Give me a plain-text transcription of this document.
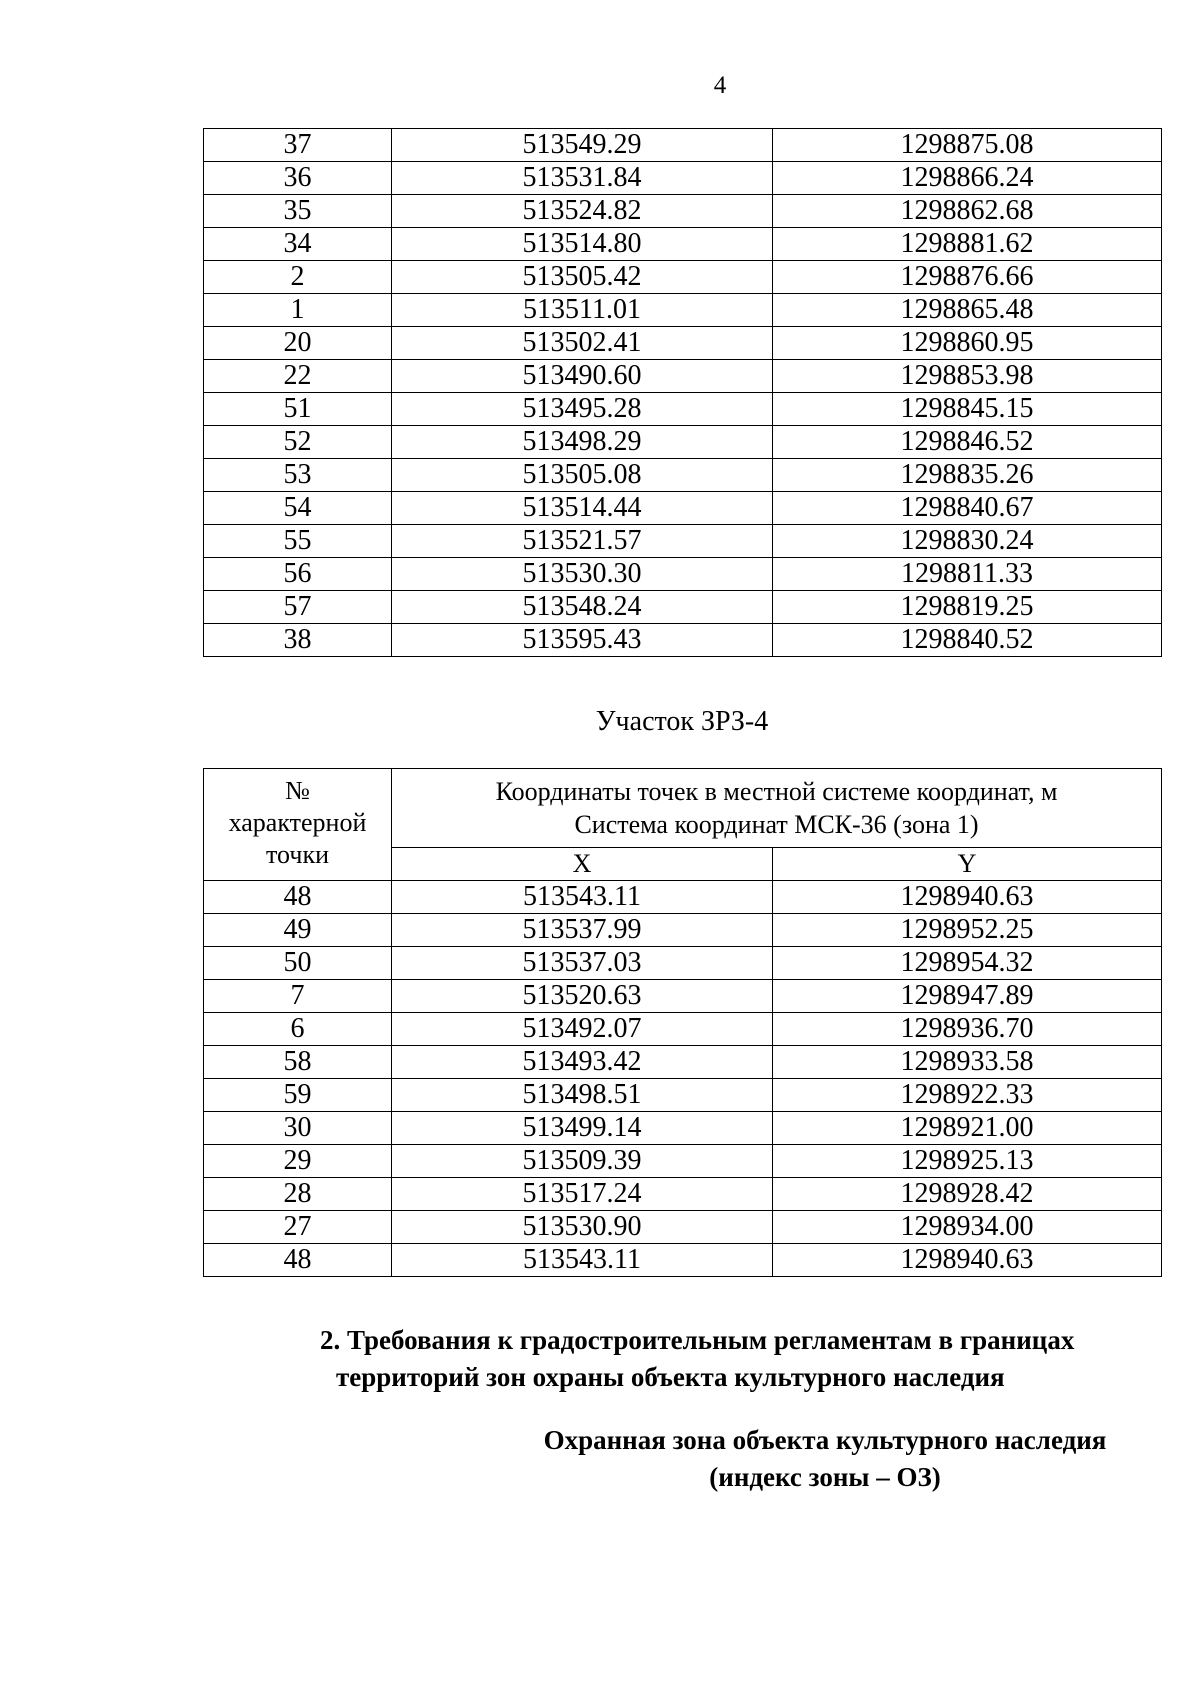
4
37	513549.29	1298875.08
36	513531.84	1298866.24
35	513524.82	1298862.68
34	513514.80	1298881.62
2	513505.42	1298876.66
1	513511.01	1298865.48
20	513502.41	1298860.95
22	513490.60	1298853.98
51	513495.28	1298845.15
52	513498.29	1298846.52
53	513505.08	1298835.26
54	513514.44	1298840.67
55	513521.57	1298830.24
56	513530.30	1298811.33
57	513548.24	1298819.25
38	513595.43	1298840.52
Участок ЗРЗ-4
№
характерной
точки	Координаты точек в местной системе координат, м
Система координат МСК-36 (зона 1)	

	X	Y
48	513543.11	1298940.63
49	513537.99	1298952.25
50	513537.03	1298954.32
7	513520.63	1298947.89
6	513492.07	1298936.70
58	513493.42	1298933.58
59	513498.51	1298922.33
30	513499.14	1298921.00
29	513509.39	1298925.13
28	513517.24	1298928.42
27	513530.90	1298934.00
48	513543.11	1298940.63
2. Требования к градостроительным регламентам в границах
территорий зон охраны объекта культурного наследия
Охранная зона объекта культурного наследия
(индекс зоны – ОЗ)
